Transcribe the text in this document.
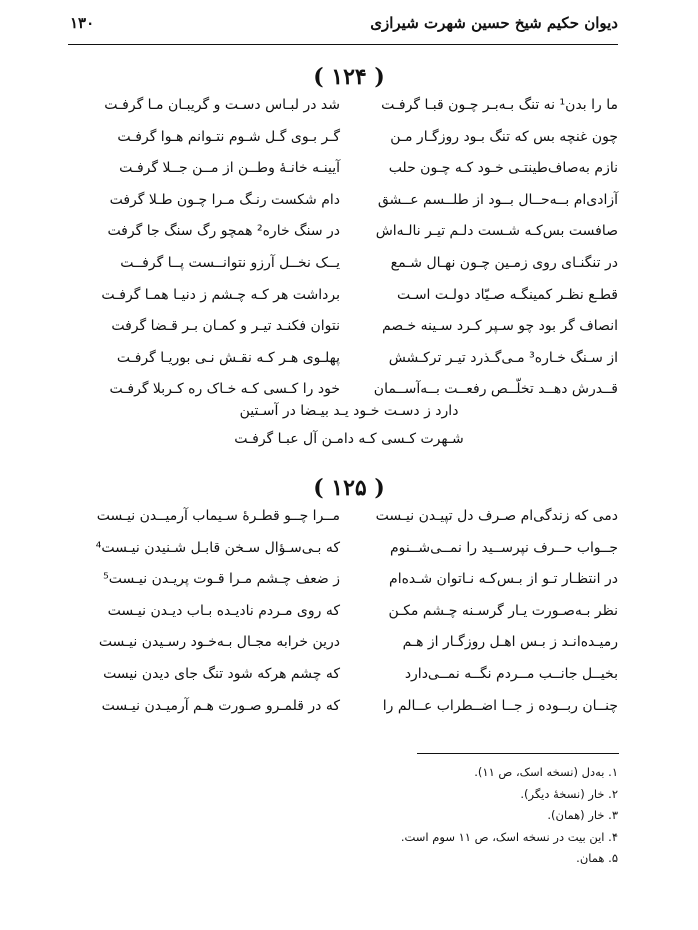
دیوان حکیم شیخ حسین شهرت شیرازی
۱۳۰
( ۱۲۴ )
ما را بدن¹ نه تنگ بـه‌بـر چـون قبـا گرفـت
چون غنچه بس که تنگ بـود روزگـار مـن
نازم به‌صاف‌طینتـی خـود کـه چـون حلب
آزادی‌ام بــه‌حــال بــود از طلــسم عــشق
صافست بس‌کـه شـست دلـم تیـر نالـه‌اش
در تنگنـای روی زمـین چـون نهـال شـمع
قطـع نظـر کمینگـه صـیّاد دولـت اسـت
انصاف گر بود چو سـپر کـرد سـینه خـصم
از سـنگ خـاره³ مـی‌گـذرد تیـر ترکـشش
قــدرش دهــد تخلّــص رفعــت بــه‌آســمان
شد در لبـاس دسـت و گریبـان مـا گرفـت
گـر بـوی گـل شـوم نتـوانم هـوا گرفـت
آیینـه خانـهٔ وطــن از مــن جــلا گرفـت
دام شکست رنـگ مـرا چـون طـلا گرفت
در سنگ خاره² همچو رگ سنگ جا گرفت
یــک نخــل آرزو نتوانــست پــا گرفــت
برداشت هر کـه چـشم ز دنیـا همـا گرفـت
نتوان فکنـد تیـر و کمـان بـر قـضا گرفت
پهلـوی هـر کـه نقـش نـی بوریـا گرفـت
خود را کـسی کـه خـاک ره کـربلا گرفـت
دارد ز دسـت خـود یـد بیـضا در آسـتین
شـهرت کـسی کـه دامـن آل عبـا گرفـت
( ۱۲۵ )
دمی که زندگی‌ام صـرف دل تپیـدن نیـست
جــواب حــرف نپرســید را نمــی‌شــنوم
در انتظـار تـو از بـس‌کـه نـاتوان شـده‌ام
نظر بـه‌صـورت یـار گرسـنه چـشم مکـن
رمیـده‌انـد ز بـس اهـل روزگـار از هـم
بخیــل جانــب مــردم نگــه نمــی‌دارد
چنــان ربــوده ز جــا اضــطراب عــالم را
مــرا چــو قطـرهٔ سـیماب آرمیــدن نیـست
که بـی‌سـؤال سـخن قابـل شـنیدن نیـست⁴
ز ضعف چـشم مـرا قـوت پریـدن نیـست⁵
که روی مـردم نادیـده بـاب دیـدن نیـست
درین خرابه مجـال بـه‌خـود رسـیدن نیـست
که چشم هرکه شود تنگ جای دیدن نیست
که در قلمـرو صـورت هـم آرمیـدن نیـست
۱. بەدل (نسخه اسک، ص ۱۱).
۲. خار (نسخهٔ دیگر).
۳. خار (همان).
۴. این بیت در نسخه اسک، ص ۱۱ سوم است.
۵. همان.
